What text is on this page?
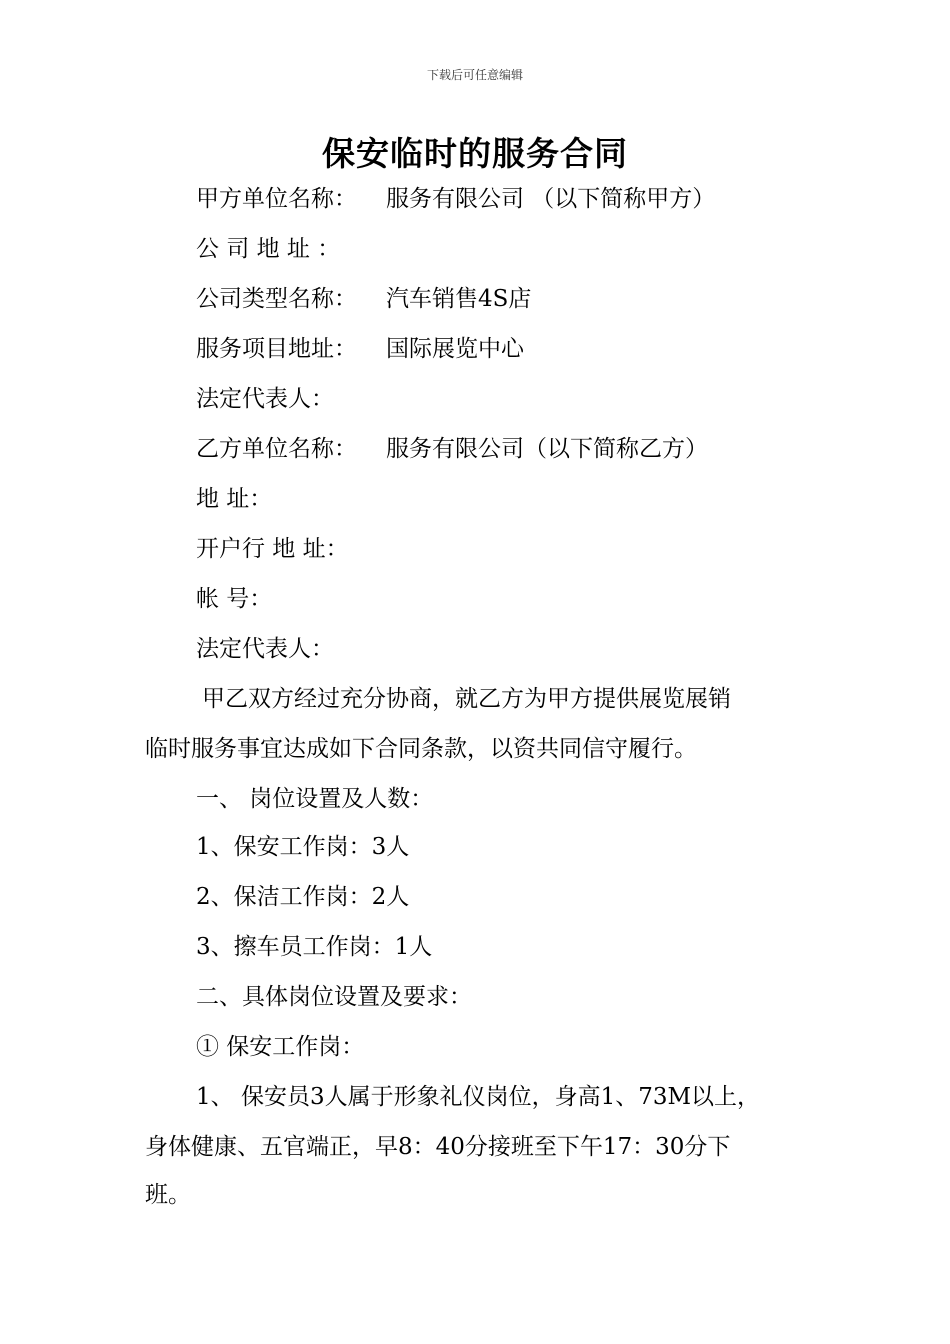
下载后可任意编辑
保安临时的服务合同
甲方单位名称： 服务有限公司 （以下简称甲方）
公 司 地 址 ：
公司类型名称： 汽车销售4S店
服务项目地址： 国际展览中心
法定代表人：
乙方单位名称： 服务有限公司（以下简称乙方）
地 址：
开户行 地 址：
帐 号：
法定代表人：
甲乙双方经过充分协商，就乙方为甲方提供展览展销
临时服务事宜达成如下合同条款，以资共同信守履行。
一、 岗位设置及人数：
1、保安工作岗：3人
2、保洁工作岗：2人
3、擦车员工作岗：1人
二、具体岗位设置及要求：
① 保安工作岗：
1、 保安员3人属于形象礼仪岗位，身高1、73M以上，
身体健康、五官端正，早8：40分接班至下午17：30分下
班。
